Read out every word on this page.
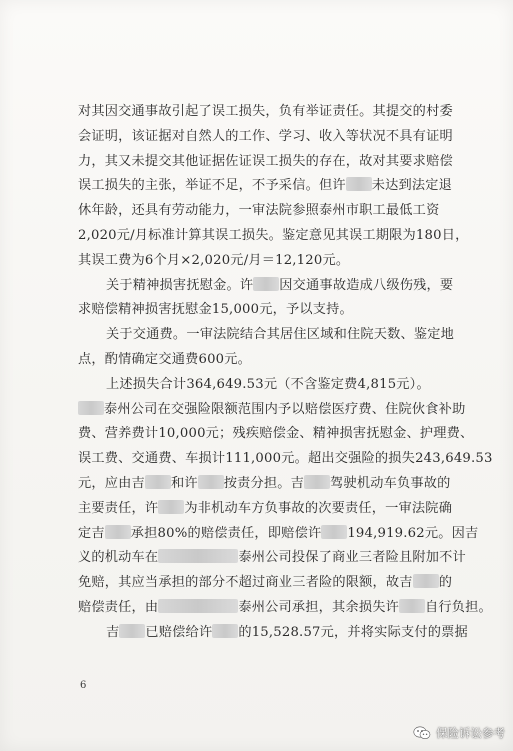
对其因交通事故引起了误工损失，负有举证责任。其提交的村委
会证明，该证据对自然人的工作、学习、收入等状况不具有证明
力，其又未提交其他证据佐证误工损失的存在，故对其要求赔偿
误工损失的主张，举证不足，不予采信。但许 未达到法定退
休年龄，还具有劳动能力，一审法院参照泰州市职工最低工资
2,020元/月标准计算其误工损失。鉴定意见其误工期限为180日，
其误工费为6个月×2,020元/月＝12,120元。
关于精神损害抚慰金。许 因交通事故造成八级伤残，要
求赔偿精神损害抚慰金15,000元，予以支持。
关于交通费。一审法院结合其居住区域和住院天数、鉴定地
点，酌情确定交通费600元。
上述损失合计364,649.53元（不含鉴定费4,815元）。
泰州公司在交强险限额范围内予以赔偿医疗费、住院伙食补助
费、营养费计10,000元；残疾赔偿金、精神损害抚慰金、护理费、
误工费、交通费、车损计111,000元。超出交强险的损失243,649.53
元，应由吉 和许 按责分担。吉 驾驶机动车负事故的
主要责任，许 为非机动车方负事故的次要责任，一审法院确
定吉 承担80%的赔偿责任，即赔偿许 194,919.62元。因吉
义的机动车在	泰州公司投保了商业三者险且附加不计
免赔，其应当承担的部分不超过商业三者险的限额，故吉 的
赔偿责任，由	泰州公司承担，其余损失许 自行负担。
吉 已赔偿给许 的15,528.57元，并将实际支付的票据
6
保险诉讼参考
